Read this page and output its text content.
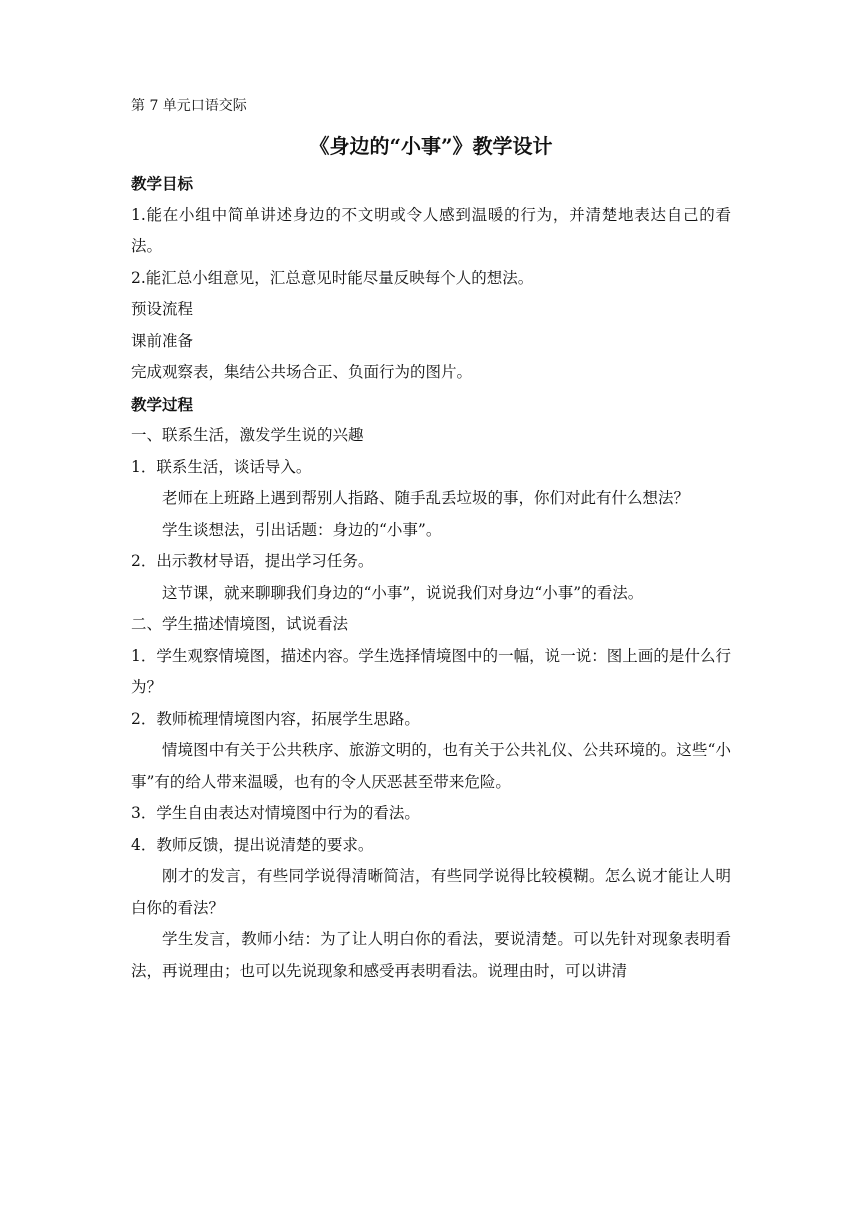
第 7 单元口语交际
《身边的“小事”》教学设计

教学目标

1.能在小组中简单讲述身边的不文明或令人感到温暖的行为，并清楚地表达自己的看法。

2.能汇总小组意见，汇总意见时能尽量反映每个人的想法。

预设流程

课前准备

完成观察表，集结公共场合正、负面行为的图片。

教学过程

一、联系生活，激发学生说的兴趣

1．联系生活，谈话导入。

老师在上班路上遇到帮别人指路、随手乱丢垃圾的事，你们对此有什么想法？

学生谈想法，引出话题：身边的“小事”。

2．出示教材导语，提出学习任务。

这节课，就来聊聊我们身边的“小事”，说说我们对身边“小事”的看法。

二、学生描述情境图，试说看法

1．学生观察情境图，描述内容。学生选择情境图中的一幅，说一说：图上画的是什么行为？

2．教师梳理情境图内容，拓展学生思路。

情境图中有关于公共秩序、旅游文明的，也有关于公共礼仪、公共环境的。这些“小事”有的给人带来温暖，也有的令人厌恶甚至带来危险。

3．学生自由表达对情境图中行为的看法。

4．教师反馈，提出说清楚的要求。

刚才的发言，有些同学说得清晰简洁，有些同学说得比较模糊。怎么说才能让人明白你的看法？

学生发言，教师小结：为了让人明白你的看法，要说清楚。可以先针对现象表明看法，再说理由；也可以先说现象和感受再表明看法。说理由时，可以讲清
